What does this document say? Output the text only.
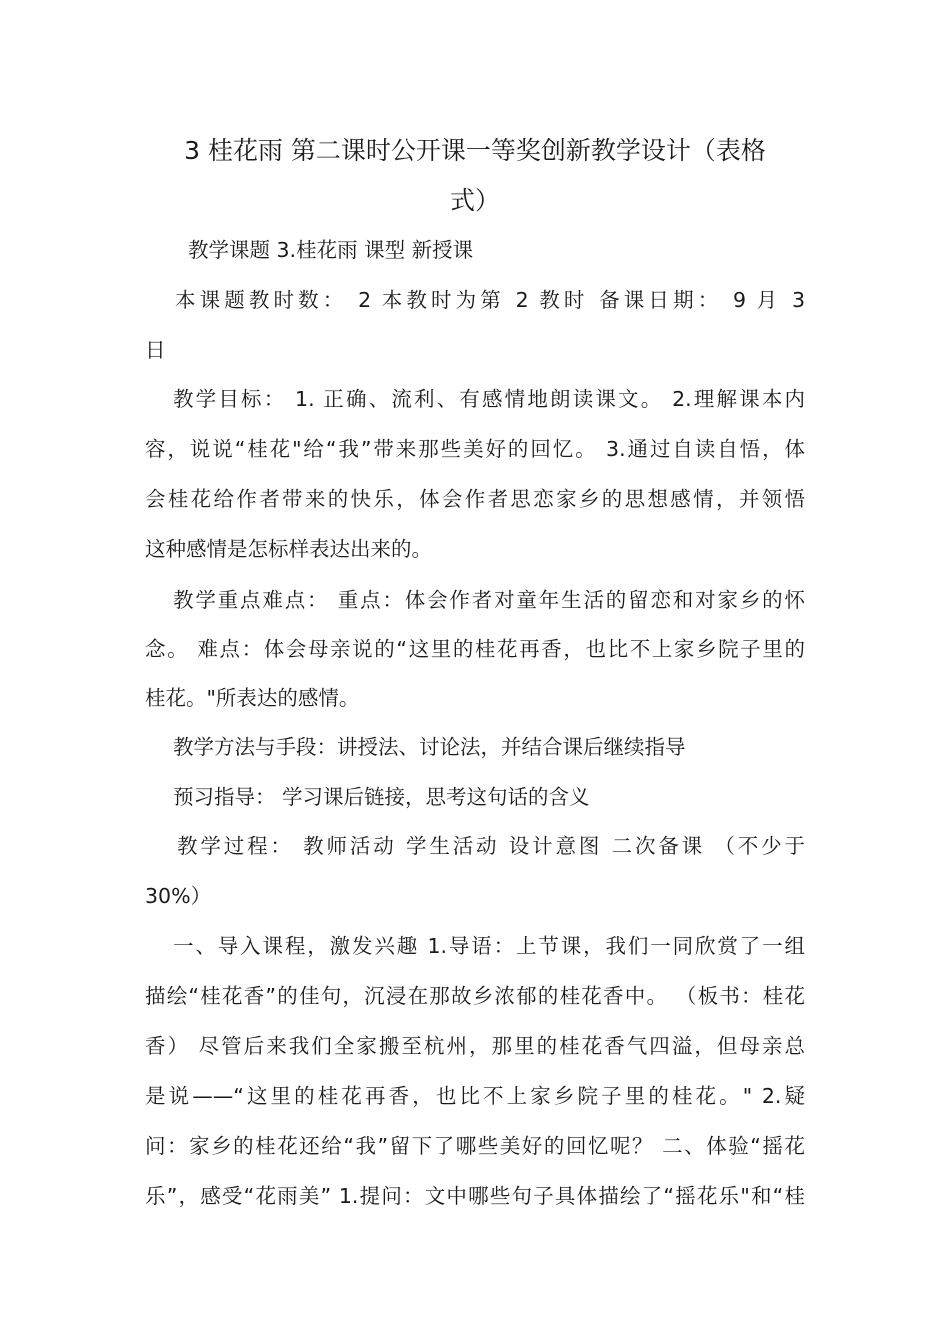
3 桂花雨 第二课时公开课一等奖创新教学设计（表格
式）

教学课题 3.桂花雨 课型 新授课

本课题教时数： 2 本教时为第 2 教时 备课日期： 9 月 3

日

教学目标： 1. 正确、流利、有感情地朗读课文。 2.理解课本内

容，说说“桂花"给“我”带来那些美好的回忆。 3.通过自读自悟，体

会桂花给作者带来的快乐，体会作者思恋家乡的思想感情，并领悟

这种感情是怎标样表达出来的。

教学重点难点： 重点：体会作者对童年生活的留恋和对家乡的怀

念。 难点：体会母亲说的“这里的桂花再香，也比不上家乡院子里的

桂花。"所表达的感情。

教学方法与手段：讲授法、讨论法，并结合课后继续指导

预习指导： 学习课后链接，思考这句话的含义

教学过程： 教师活动 学生活动 设计意图 二次备课 （不少于

30%）

一、导入课程，激发兴趣 1.导语：上节课，我们一同欣赏了一组

描绘“桂花香”的佳句，沉浸在那故乡浓郁的桂花香中。 （板书：桂花

香） 尽管后来我们全家搬至杭州，那里的桂花香气四溢，但母亲总

是说——“这里的桂花再香，也比不上家乡院子里的桂花。" 2.疑

问：家乡的桂花还给“我”留下了哪些美好的回忆呢？ 二、体验“摇花

乐”，感受“花雨美” 1.提问：文中哪些句子具体描绘了“摇花乐"和“桂
